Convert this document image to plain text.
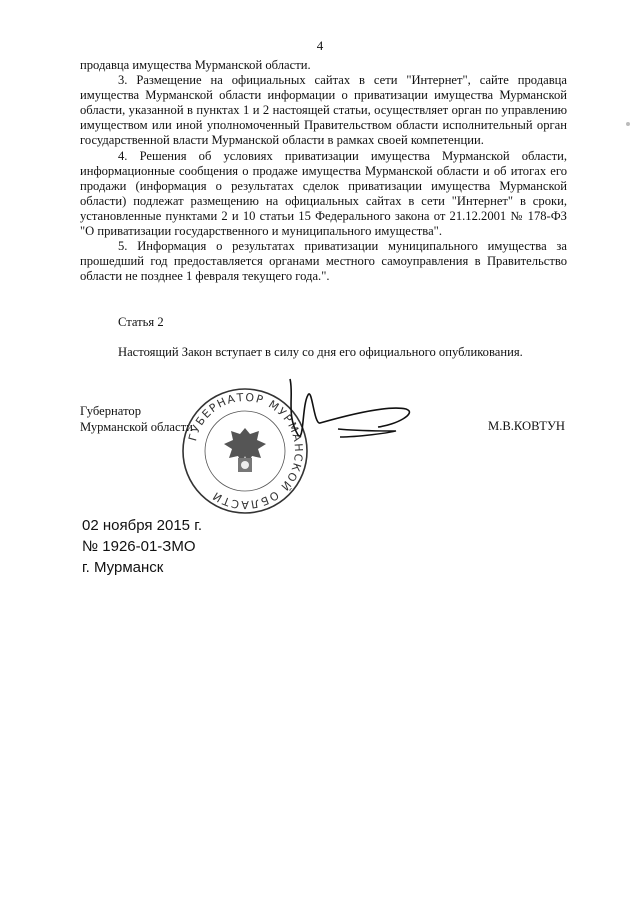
4

продавца имущества Мурманской области.

3. Размещение на официальных сайтах в сети "Интернет", сайте продавца имущества Мурманской области информации о приватизации имущества Мурманской области, указанной в пунктах 1 и 2 настоящей статьи, осуществляет орган по управлению имуществом или иной уполномоченный Правительством области исполнительный орган государственной власти Мурманской области в рамках своей компетенции.

4. Решения об условиях приватизации имущества Мурманской области, информационные сообщения о продаже имущества Мурманской области и об итогах его продажи (информация о результатах сделок приватизации имущества Мурманской области) подлежат размещению на официальных сайтах в сети "Интернет" в сроки, установленные пунктами 2 и 10 статьи 15 Федерального закона от 21.12.2001 № 178-ФЗ "О приватизации государственного и муниципального имущества".

5. Информация о результатах приватизации муниципального имущества за прошедший год предоставляется органами местного самоуправления в Правительство области не позднее 1 февраля текущего года.".

Статья 2
Настоящий Закон вступает в силу со дня его официального опубликования.
Губернатор
Мурманской области
ГУБЕРНАТОР МУРМАНСКОЙ ОБЛАСТИ
М.В.КОВТУН
02 ноября 2015 г.
№ 1926-01-ЗМО
г. Мурманск
